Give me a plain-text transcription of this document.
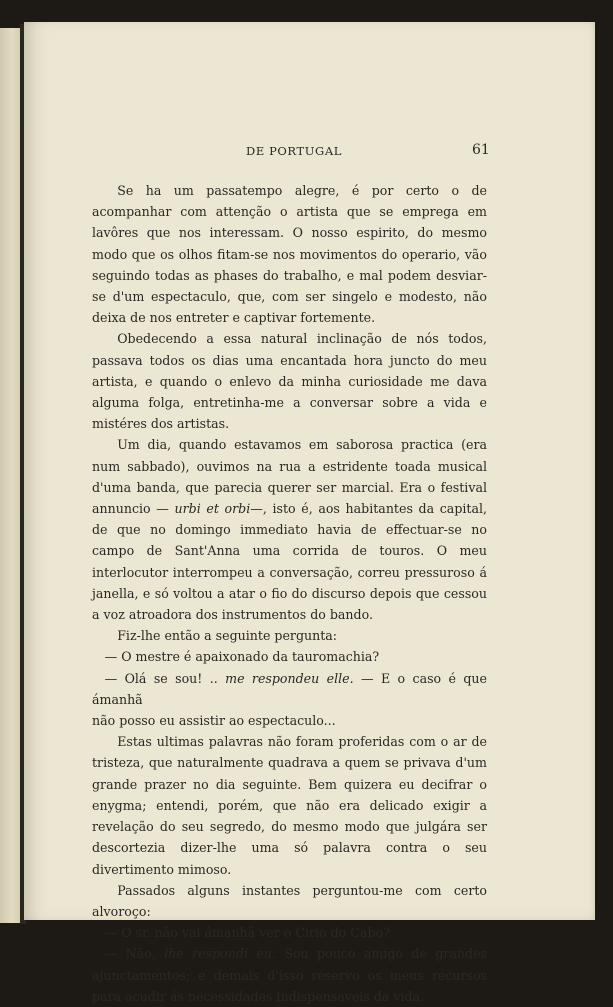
DE PORTUGAL	61

Se ha um passatempo alegre, é por certo o de acompanhar com attenção o artista que se emprega em lavôres que nos interessam. O nosso espirito, do mesmo modo que os olhos fitam-se nos movimentos do operario, vão seguindo todas as phases do trabalho, e mal podem desviar-se d'um espectaculo, que, com ser singelo e modesto, não deixa de nos entreter e captivar fortemente.

Obedecendo a essa natural inclinação de nós todos, passava todos os dias uma encantada hora juncto do meu artista, e quando o enlevo da minha curiosidade me dava alguma folga, entretinha-me a conversar sobre a vida e mistéres dos artistas.

Um dia, quando estavamos em saborosa practica (era num sabbado), ouvimos na rua a estridente toada musical d'uma banda, que parecia querer ser marcial. Era o festival annuncio — urbi et orbi—, isto é, aos habitantes da capital, de que no domingo immediato havia de effectuar-se no campo de Sant'Anna uma corrida de touros. O meu interlocutor interrompeu a conversação, correu pressuroso á janella, e só voltou a atar o fio do discurso depois que cessou a voz atroadora dos instrumentos do bando.

Fiz-lhe então a seguinte pergunta:

— O mestre é apaixonado da tauromachia?

— Olá se sou! .. me respondeu elle. — E o caso é que ámanhã

não posso eu assistir ao espectaculo...

Estas ultimas palavras não foram proferidas com o ar de tristeza, que naturalmente quadrava a quem se privava d'um grande prazer no dia seguinte. Bem quizera eu decifrar o enygma; entendi, porém, que não era delicado exigir a revelação do seu segredo, do mesmo modo que julgára ser descortezia dizer-lhe uma só palavra contra o seu divertimento mimoso.

Passados alguns instantes perguntou-me com certo alvoroço:

— O sr. não vai ámanhã ver o Cirio do Cabo?

— Não, lhe respondi eu. Sou pouco amigo de grandes ajunctamentos; e demais d'isso reservo os meus recursos para acudir ás necessidades indispensaveis da vida.
